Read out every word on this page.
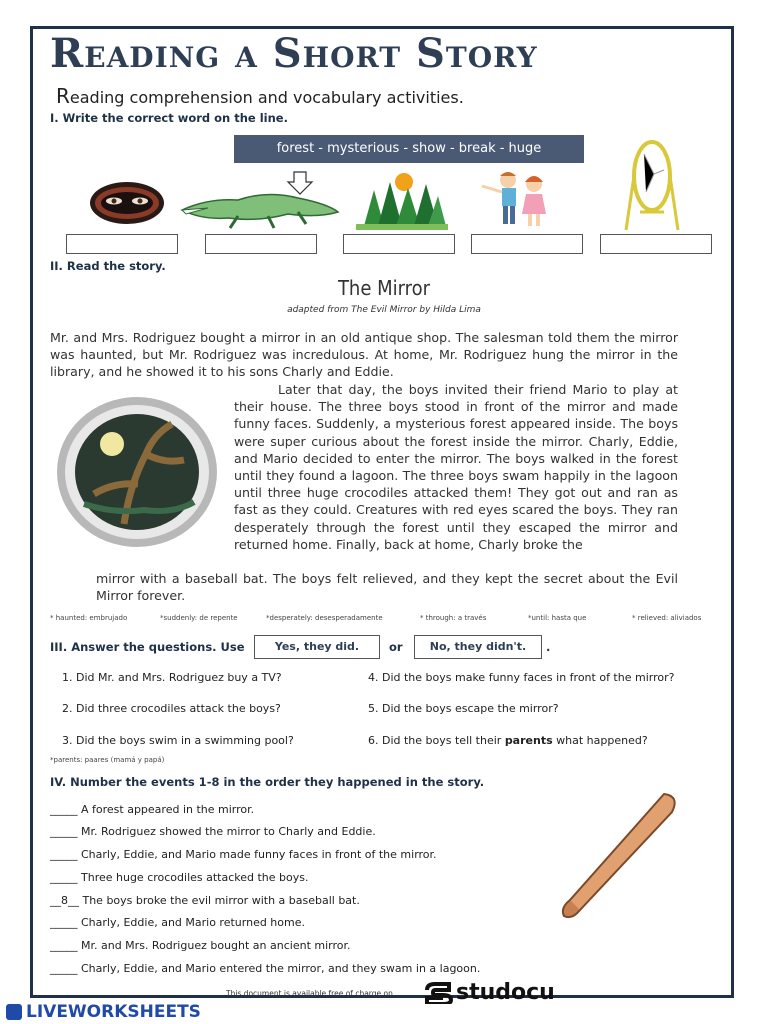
Reading a Short Story
Reading comprehension and vocabulary activities.
I. Write the correct word on the line.
forest - mysterious - show - break - huge
II. Read the story.
The Mirror
adapted from The Evil Mirror by Hilda Lima
Mr. and Mrs. Rodriguez bought a mirror in an old antique shop. The salesman told them the mirror was haunted, but Mr. Rodriguez was incredulous. At home, Mr. Rodriguez hung the mirror in the library, and he showed it to his sons Charly and Eddie.
Later that day, the boys invited their friend Mario to play at their house. The three boys stood in front of the mirror and made funny faces. Suddenly, a mysterious forest appeared inside. The boys were super curious about the forest inside the mirror. Charly, Eddie, and Mario decided to enter the mirror. The boys walked in the forest until they found a lagoon. The three boys swam happily in the lagoon until three huge crocodiles attacked them! They got out and ran as fast as they could. Creatures with red eyes scared the boys. They ran desperately through the forest until they escaped the mirror and returned home. Finally, back at home, Charly broke the
mirror with a baseball bat. The boys felt relieved, and they kept the secret about the Evil Mirror forever.
* haunted: embrujado	*suddenly: de repente	*desperately: desesperadamente	* through: a través	*until: hasta que	* relieved: aliviados
III. Answer the questions. Use	Yes, they did.	or	No, they didn't.	.
1. Did Mr. and Mrs. Rodriguez buy a TV?
2. Did three crocodiles attack the boys?
3. Did the boys swim in a swimming pool?
4. Did the boys make funny faces in front of the mirror?
5. Did the boys escape the mirror?
6. Did the boys tell their parents what happened?
*parents: paares (mamá y papá)
IV. Number the events 1-8 in the order they happened in the story.
_____ A forest appeared in the mirror.
_____ Mr. Rodriguez showed the mirror to Charly and Eddie.
_____ Charly, Eddie, and Mario made funny faces in front of the mirror.
_____ Three huge crocodiles attacked the boys.
__8__ The boys broke the evil mirror with a baseball bat.
_____ Charly, Eddie, and Mario returned home.
_____ Mr. and Mrs. Rodriguez bought an ancient mirror.
_____ Charly, Eddie, and Mario entered the mirror, and they swam in a lagoon.
This document is available free of charge on	studocu
LIVEWORKSHEETS
